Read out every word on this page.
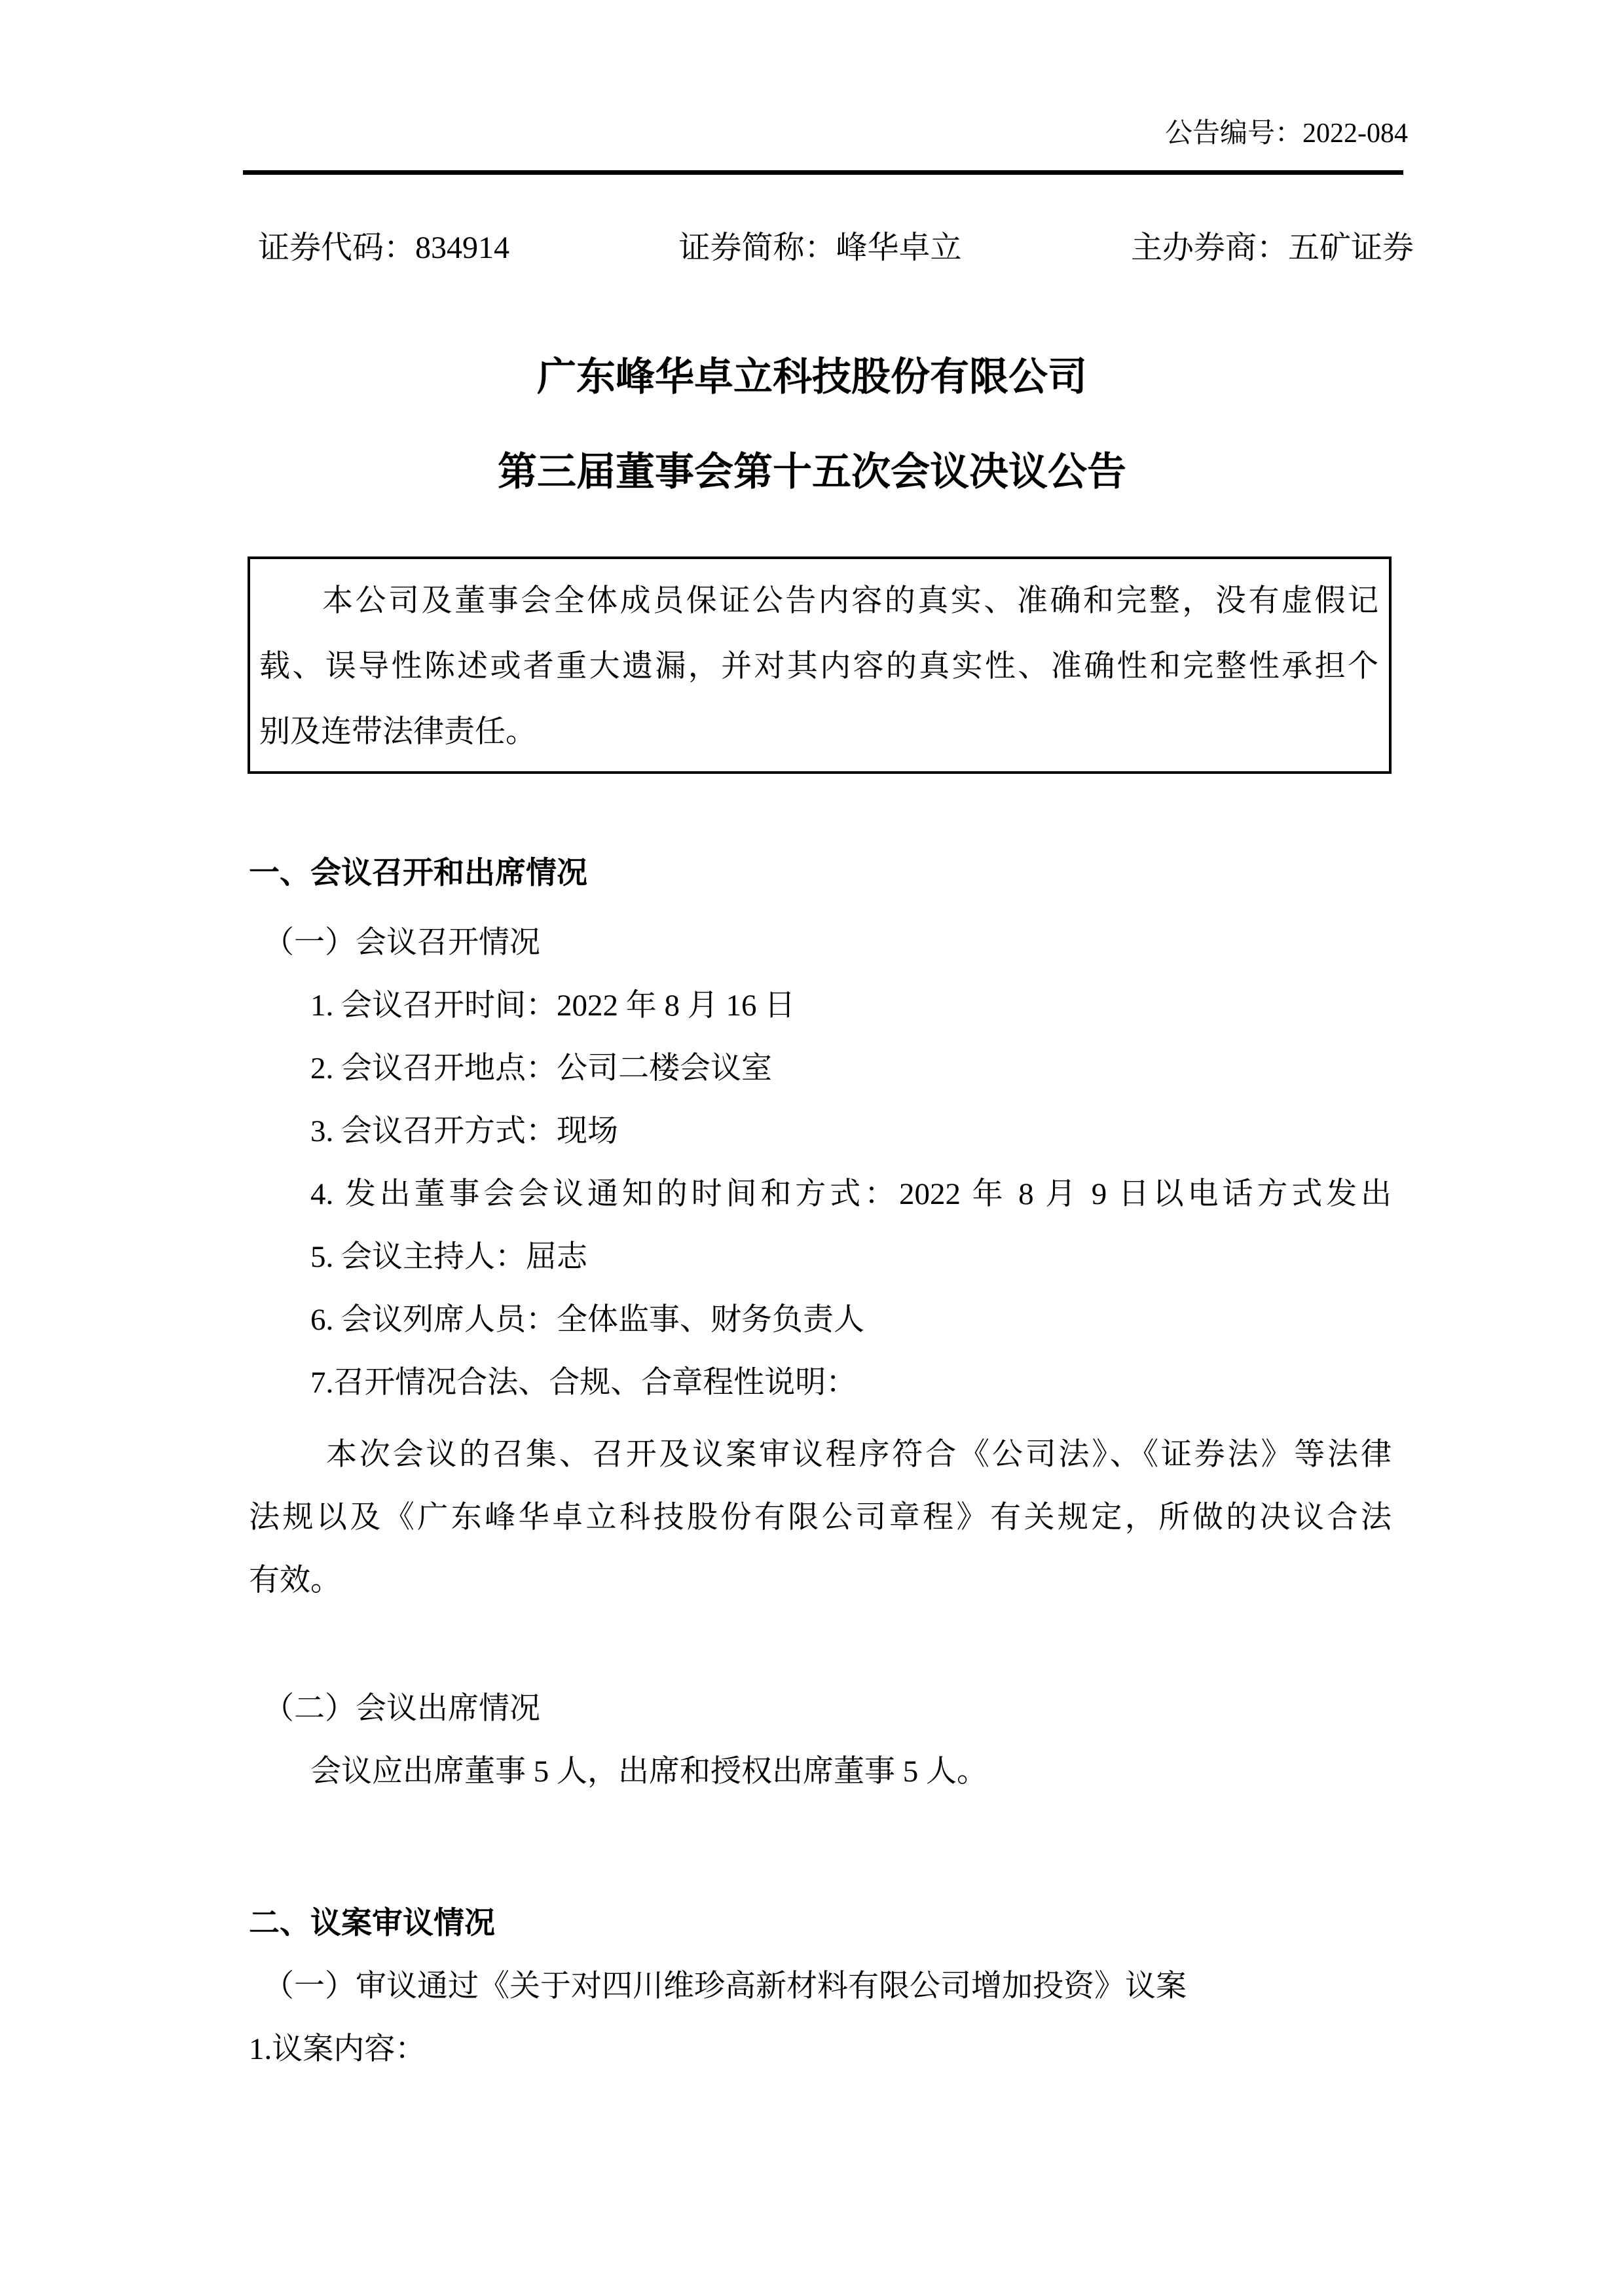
公告编号：2022-084
证券代码：834914	证券简称：峰华卓立	主办券商：五矿证券
广东峰华卓立科技股份有限公司
第三届董事会第十五次会议决议公告
本公司及董事会全体成员保证公告内容的真实、准确和完整，没有虚假记
载、误导性陈述或者重大遗漏，并对其内容的真实性、准确性和完整性承担个
别及连带法律责任。
一、会议召开和出席情况
（一）会议召开情况
1. 会议召开时间：2022 年 8 月 16 日
2. 会议召开地点：公司二楼会议室
3. 会议召开方式：现场
4. 发出董事会会议通知的时间和方式：2022 年 8 月 9 日以电话方式发出
5. 会议主持人：屈志
6. 会议列席人员：全体监事、财务负责人
7.召开情况合法、合规、合章程性说明：
本次会议的召集、召开及议案审议程序符合《公司法》、《证券法》等法律
法规以及《广东峰华卓立科技股份有限公司章程》有关规定，所做的决议合法
有效。
（二）会议出席情况
会议应出席董事 5 人，出席和授权出席董事 5 人。
二、议案审议情况
（一）审议通过《关于对四川维珍高新材料有限公司增加投资》议案
1.议案内容：
